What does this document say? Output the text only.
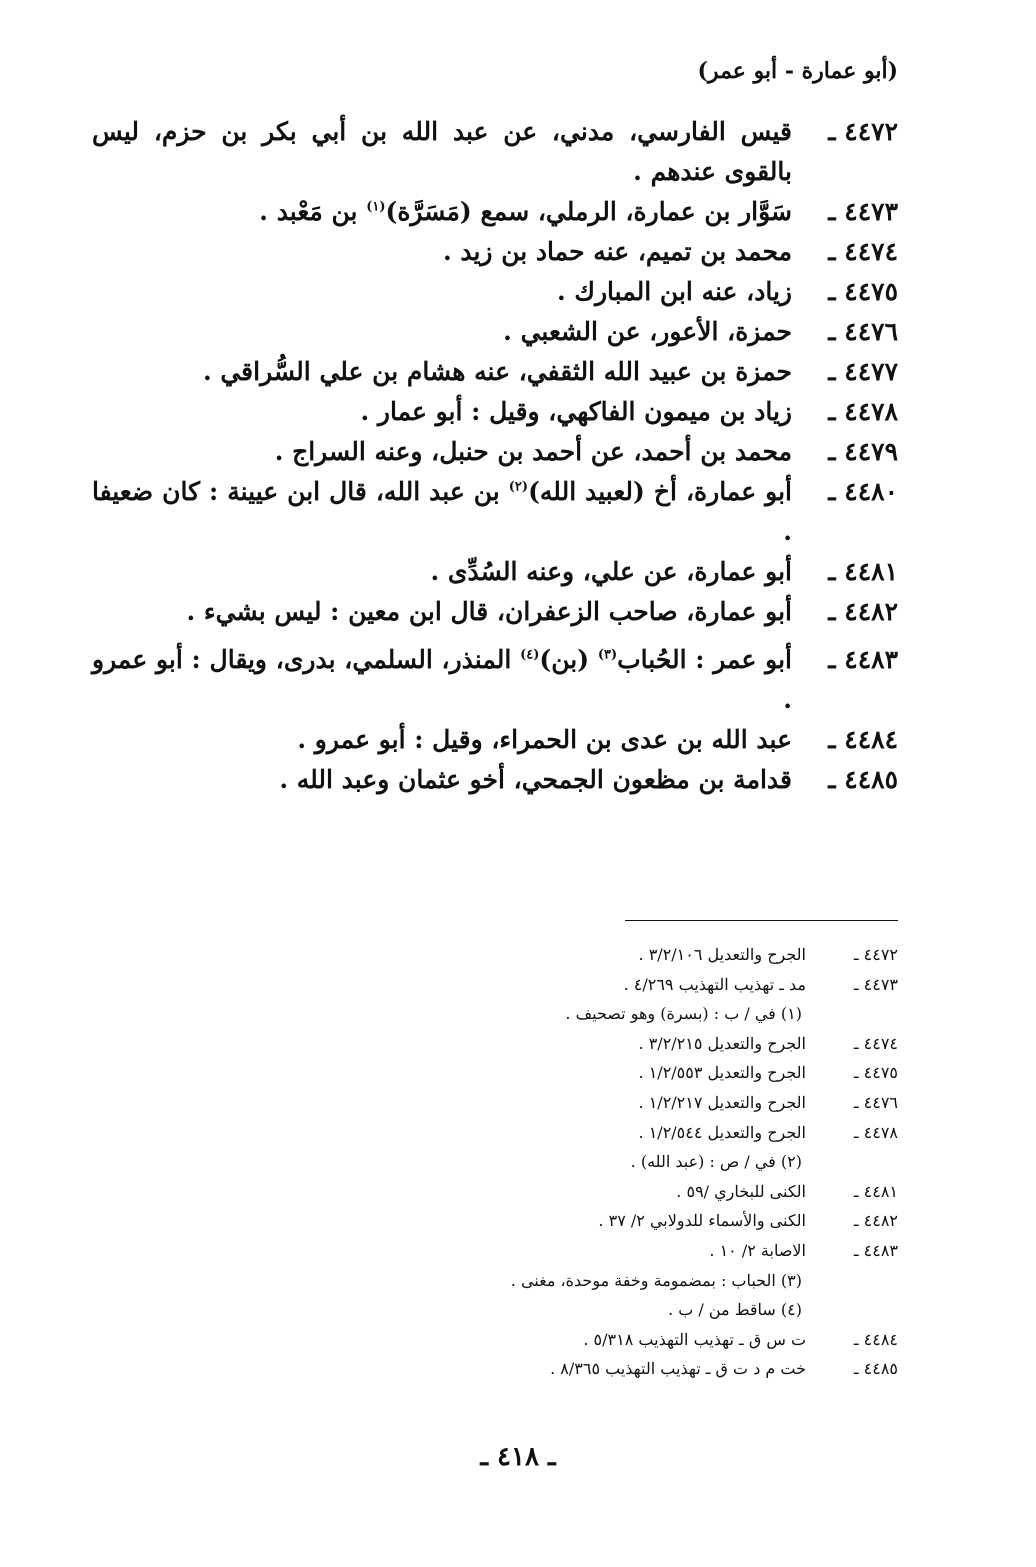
(أبو عمارة - أبو عمر)
٤٤٧٢ ـ
قيس الفارسي، مدني، عن عبد الله بن أبي بكر بن حزم، ليس بالقوى عندهم .
٤٤٧٣ ـ
سَوَّار بن عمارة، الرملي، سمع (مَسَرَّة)$^{(١)}$ بن مَعْبد .
٤٤٧٤ ـ
محمد بن تميم، عنه حماد بن زيد .
٤٤٧٥ ـ
زياد، عنه ابن المبارك .
٤٤٧٦ ـ
حمزة، الأعور، عن الشعبي .
٤٤٧٧ ـ
حمزة بن عبيد الله الثقفي، عنه هشام بن علي السُّراقي .
٤٤٧٨ ـ
زياد بن ميمون الفاكهي، وقيل : أبو عمار .
٤٤٧٩ ـ
محمد بن أحمد، عن أحمد بن حنبل، وعنه السراج .
٤٤٨٠ ـ
أبو عمارة، أخ (لعبيد الله)$^{(٢)}$ بن عبد الله، قال ابن عيينة : كان ضعيفا .
٤٤٨١ ـ
أبو عمارة، عن علي، وعنه السُدِّى .
٤٤٨٢ ـ
أبو عمارة، صاحب الزعفران، قال ابن معين : ليس بشيء .
٤٤٨٣ ـ
أبو عمر : الحُباب$^{(٣)}$ (بن)$^{(٤)}$ المنذر، السلمي، بدرى، ويقال : أبو عمرو .
٤٤٨٤ ـ
عبد الله بن عدى بن الحمراء، وقيل : أبو عمرو .
٤٤٨٥ ـ
قدامة بن مظعون الجمحي، أخو عثمان وعبد الله .
٤٤٧٢ ـ
الجرح والتعديل ٣/٢/١٠٦ .
٤٤٧٣ ـ
مد ـ تهذيب التهذيب ٤/٢٦٩ .
(١) في / ب : (بسرة) وهو تصحيف .
٤٤٧٤ ـ
الجرح والتعديل ٣/٢/٢١٥ .
٤٤٧٥ ـ
الجرح والتعديل ١/٢/٥٥٣ .
٤٤٧٦ ـ
الجرح والتعديل ١/٢/٢١٧ .
٤٤٧٨ ـ
الجرح والتعديل ١/٢/٥٤٤ .
(٢) في / ص : (عبد الله) .
٤٤٨١ ـ
الكنى للبخاري /٥٩ .
٤٤٨٢ ـ
الكنى والأسماء للدولابي ٢/ ٣٧ .
٤٤٨٣ ـ
الاصابة ٢/ ١٠ .
(٣) الحباب : بمضمومة وخفة موحدة، مغنى .
(٤) ساقط من / ب .
٤٤٨٤ ـ
ت س ق ـ تهذيب التهذيب ٥/٣١٨ .
٤٤٨٥ ـ
خت م د ت ق ـ تهذيب التهذيب ٨/٣٦٥ .
ـ ٤١٨ ـ
